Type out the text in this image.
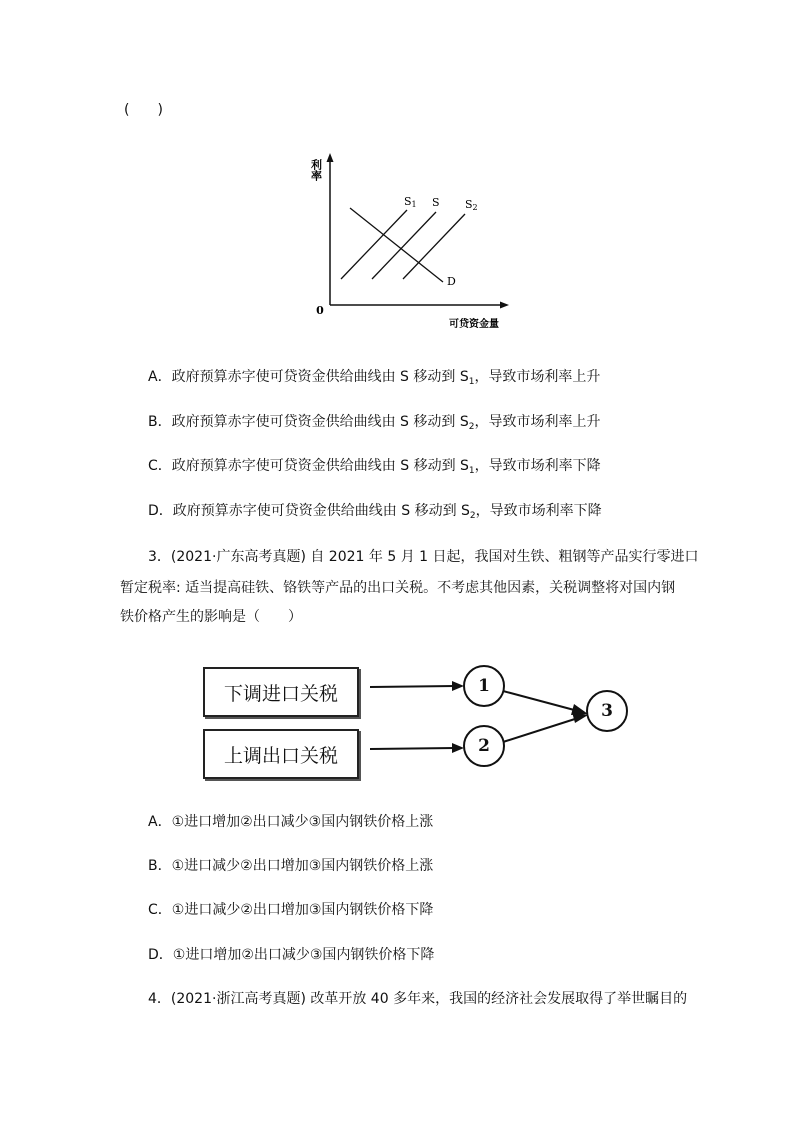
(　　)
利率
0
可贷资金量
S1 S S2
D
A．政府预算赤字使可贷资金供给曲线由 S 移动到 $S_1$，导致市场利率上升
B．政府预算赤字使可贷资金供给曲线由 S 移动到 $S_2$，导致市场利率上升
C．政府预算赤字使可贷资金供给曲线由 S 移动到 $S_1$，导致市场利率下降
D．政府预算赤字使可贷资金供给曲线由 S 移动到 $S_2$，导致市场利率下降
3．(2021·广东高考真题) 自 2021 年 5 月 1 日起，我国对生铁、粗钢等产品实行零进口
暂定税率: 适当提高硅铁、铬铁等产品的出口关税。不考虑其他因素，关税调整将对国内钢
铁价格产生的影响是（　　）
下调进口关税
上调出口关税
1
2
3
A．①进口增加②出口减少③国内钢铁价格上涨
B．①进口减少②出口增加③国内钢铁价格上涨
C．①进口减少②出口增加③国内钢铁价格下降
D．①进口增加②出口减少③国内钢铁价格下降
4．(2021·浙江高考真题) 改革开放 40 多年来，我国的经济社会发展取得了举世瞩目的
